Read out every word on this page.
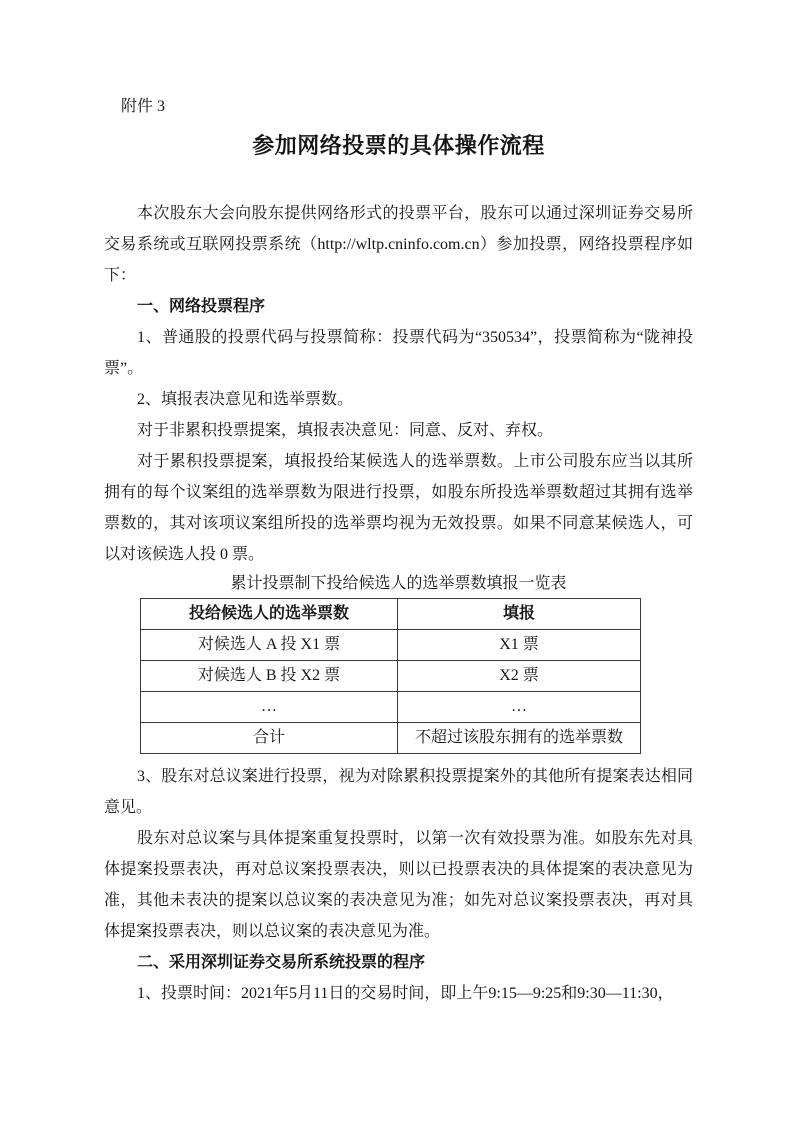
附件 3

参加网络投票的具体操作流程

本次股东大会向股东提供网络形式的投票平台，股东可以通过深圳证券交易所交易系统或互联网投票系统（http://wltp.cninfo.com.cn）参加投票，网络投票程序如下：

一、网络投票程序

1、普通股的投票代码与投票简称：投票代码为“350534”，投票简称为“陇神投票”。

2、填报表决意见和选举票数。

对于非累积投票提案，填报表决意见：同意、反对、弃权。

对于累积投票提案，填报投给某候选人的选举票数。上市公司股东应当以其所拥有的每个议案组的选举票数为限进行投票，如股东所投选举票数超过其拥有选举票数的，其对该项议案组所投的选举票均视为无效投票。如果不同意某候选人，可以对该候选人投 0 票。

累计投票制下投给候选人的选举票数填报一览表

投给候选人的选举票数	填报
对候选人 A 投 X1 票	X1 票
对候选人 B 投 X2 票	X2 票
…	…
合计	不超过该股东拥有的选举票数

3、股东对总议案进行投票，视为对除累积投票提案外的其他所有提案表达相同意见。

股东对总议案与具体提案重复投票时，以第一次有效投票为准。如股东先对具体提案投票表决，再对总议案投票表决，则以已投票表决的具体提案的表决意见为准，其他未表决的提案以总议案的表决意见为准；如先对总议案投票表决，再对具体提案投票表决，则以总议案的表决意见为准。

二、采用深圳证券交易所系统投票的程序

1、投票时间：2021年5月11日的交易时间，即上午9:15—9:25和9:30—11:30，
